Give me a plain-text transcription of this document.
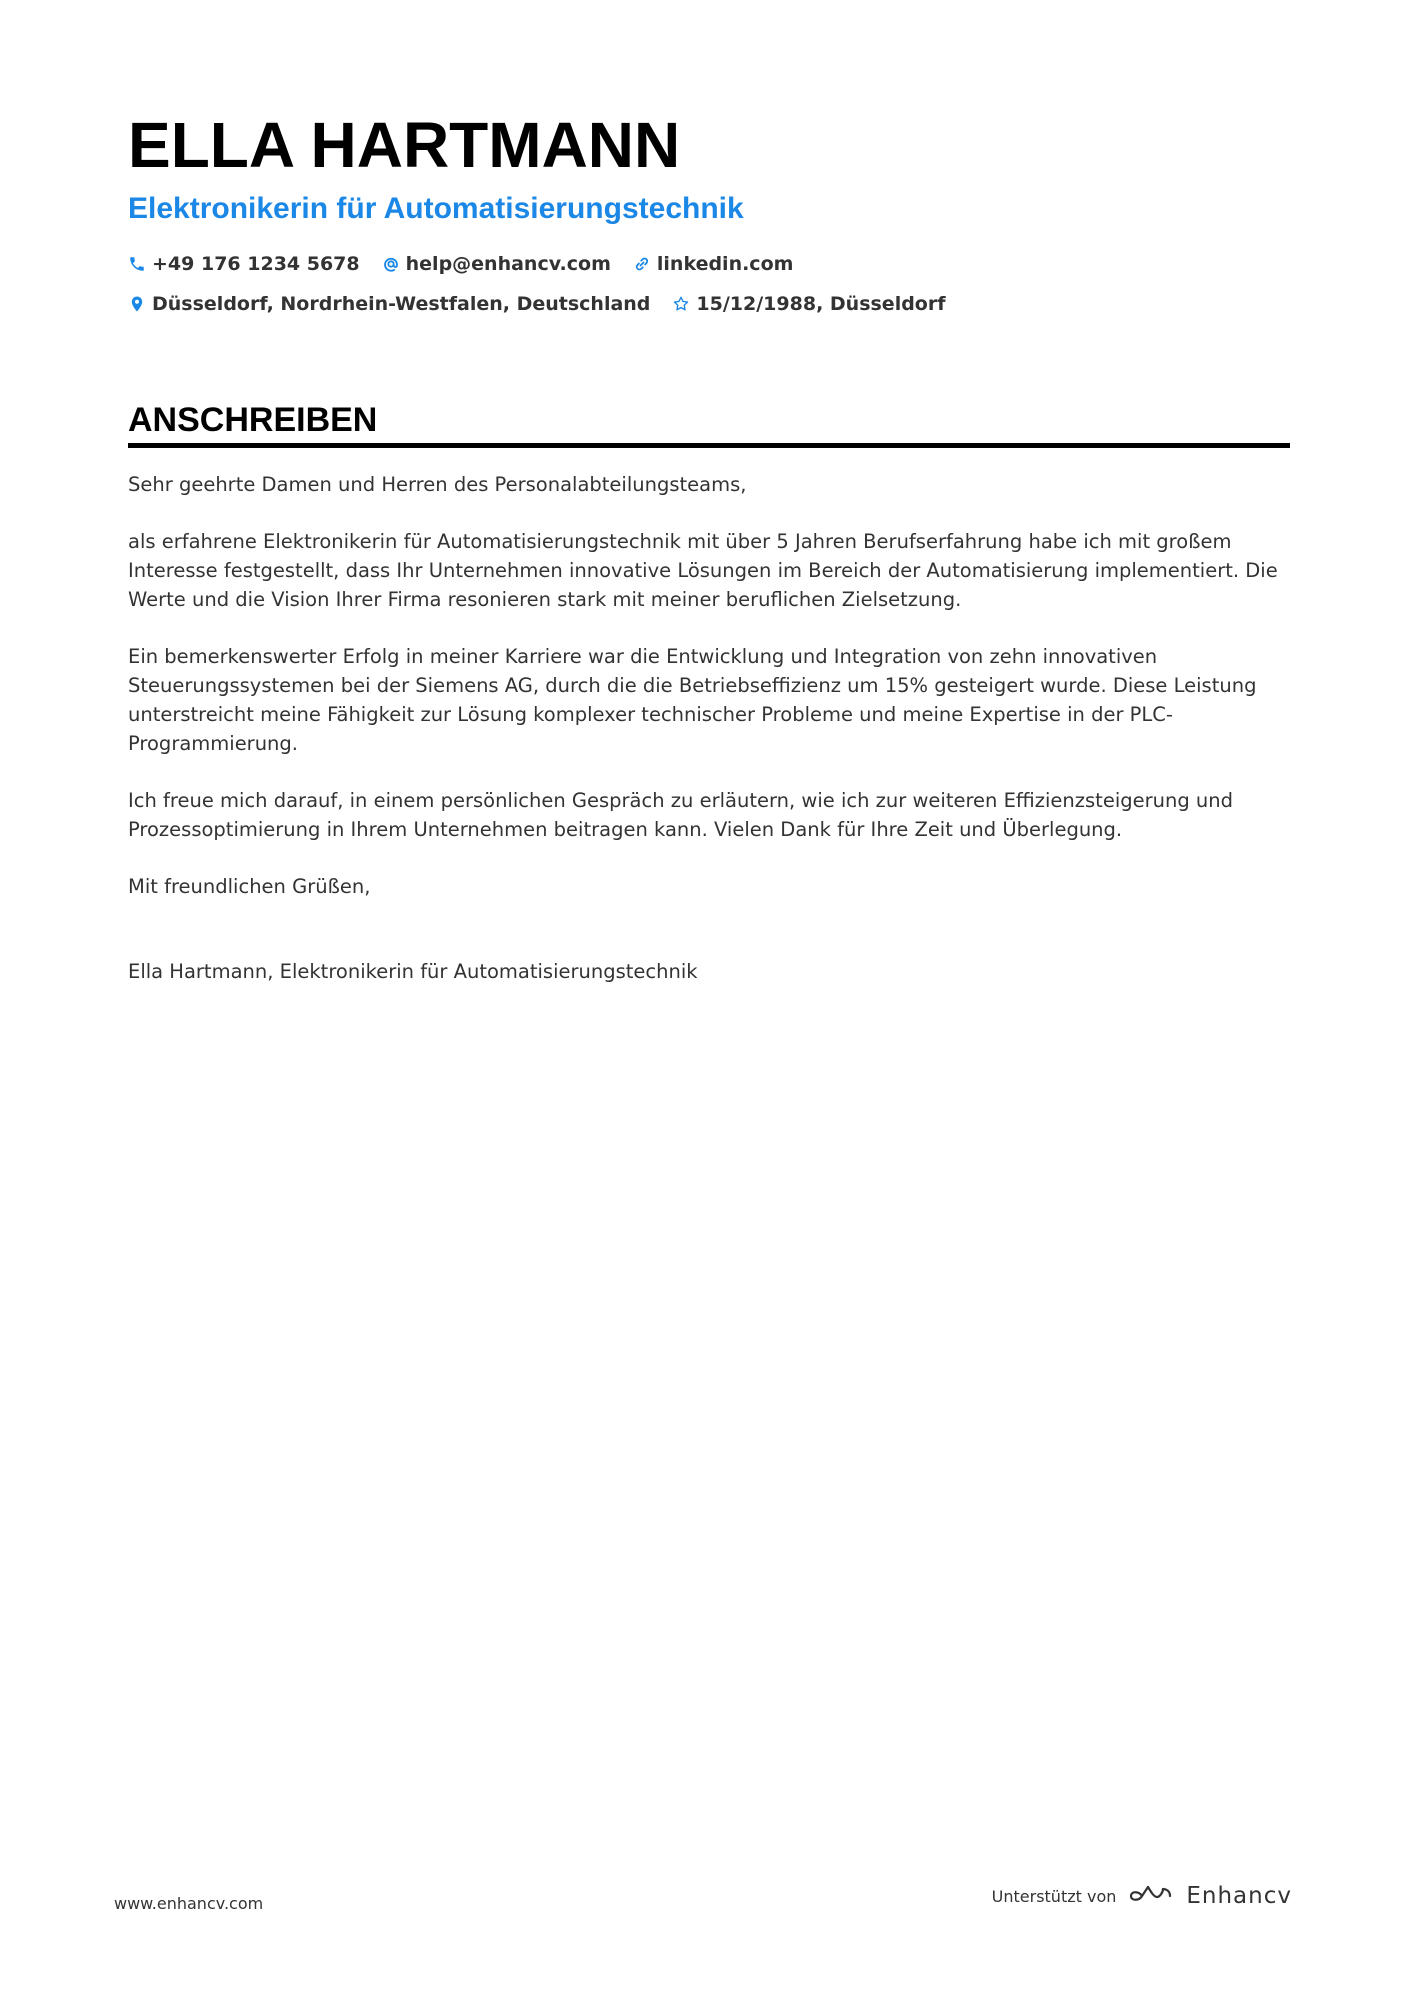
ELLA HARTMANN
Elektronikerin für Automatisierungstechnik
+49 176 1234 5678 help@enhancv.com linkedin.com
Düsseldorf, Nordrhein-Westfalen, Deutschland 15/12/1988, Düsseldorf
ANSCHREIBEN

Sehr geehrte Damen und Herren des Personalabteilungsteams,

als erfahrene Elektronikerin für Automatisierungstechnik mit über 5 Jahren Berufserfahrung habe ich mit großem Interesse festgestellt, dass Ihr Unternehmen innovative Lösungen im Bereich der Automatisierung implementiert. Die Werte und die Vision Ihrer Firma resonieren stark mit meiner beruflichen Zielsetzung.

Ein bemerkenswerter Erfolg in meiner Karriere war die Entwicklung und Integration von zehn innovativen Steuerungssystemen bei der Siemens AG, durch die die Betriebseffizienz um 15% gesteigert wurde. Diese Leistung unterstreicht meine Fähigkeit zur Lösung komplexer technischer Probleme und meine Expertise in der PLC-Programmierung.

Ich freue mich darauf, in einem persönlichen Gespräch zu erläutern, wie ich zur weiteren Effizienzsteigerung und Prozessoptimierung in Ihrem Unternehmen beitragen kann. Vielen Dank für Ihre Zeit und Überlegung.

Mit freundlichen Grüßen,

Ella Hartmann, Elektronikerin für Automatisierungstechnik

www.enhancv.com	Unterstützt von	Enhancv
